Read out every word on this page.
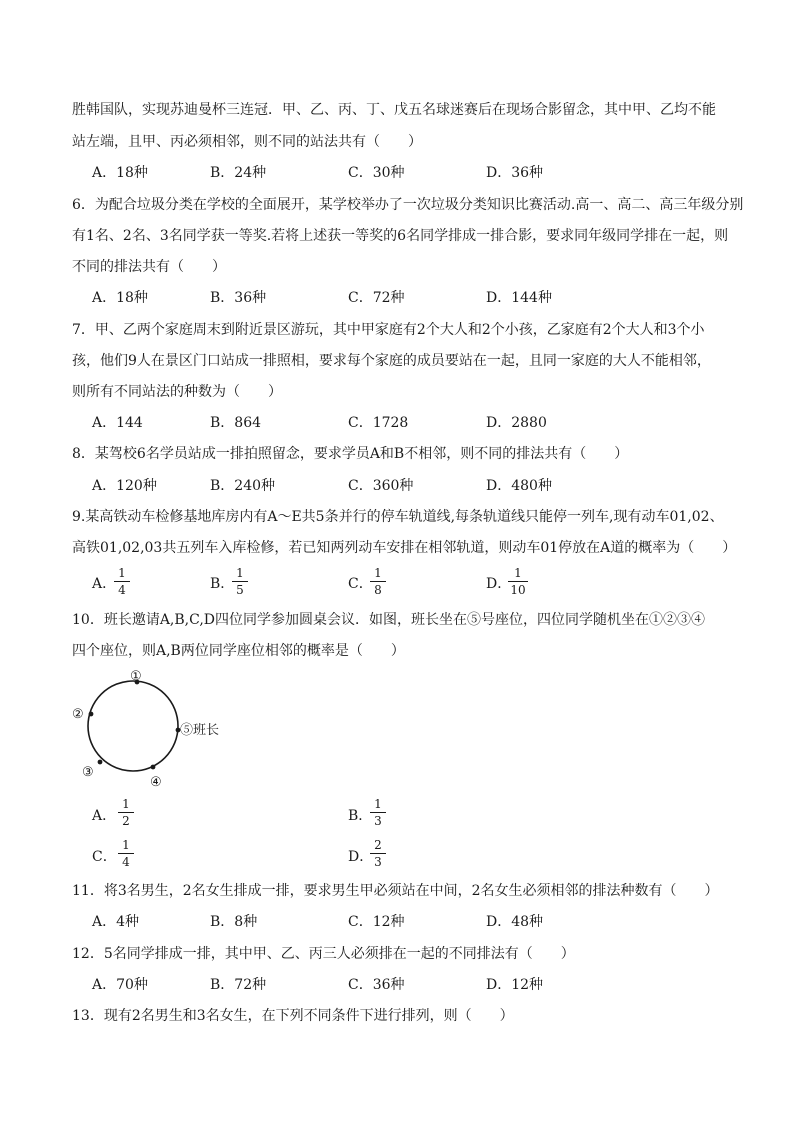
胜韩国队，实现苏迪曼杯三连冠．甲、乙、丙、丁、戊五名球迷赛后在现场合影留念，其中甲、乙均不能
站左端，且甲、丙必须相邻，则不同的站法共有（　　）
A．18种	B．24种	C．30种	D．36种
6．为配合垃圾分类在学校的全面展开，某学校举办了一次垃圾分类知识比赛活动.高一、高二、高三年级分别
有1名、2名、3名同学获一等奖.若将上述获一等奖的6名同学排成一排合影，要求同年级同学排在一起，则
不同的排法共有（　　）
A．18种	B．36种	C．72种	D．144种
7．甲、乙两个家庭周末到附近景区游玩，其中甲家庭有2个大人和2个小孩，乙家庭有2个大人和3个小
孩，他们9人在景区门口站成一排照相，要求每个家庭的成员要站在一起，且同一家庭的大人不能相邻，
则所有不同站法的种数为（　　）
A．144	B．864	C．1728	D．2880
8．某驾校6名学员站成一排拍照留念，要求学员A和B不相邻，则不同的排法共有（　　）
A．120种	B．240种	C．360种	D．480种
9.某高铁动车检修基地库房内有A～E共5条并行的停车轨道线,每条轨道线只能停一列车,现有动车01,02、
高铁01,02,03共五列车入库检修，若已知两列动车安排在相邻轨道，则动车01停放在A道的概率为（　　）
A．
1
4	B．
1
5	C．
1
8	D．
1
10
10．班长邀请A,B,C,D四位同学参加圆桌会议．如图，班长坐在⑤号座位，四位同学随机坐在①②③④
四个座位，则A,B两位同学座位相邻的概率是（　　）
①
②
③
④
⑤班长
A．
1
2	B．
1
3
C．
1
4	D．
2
3
11．将3名男生，2名女生排成一排，要求男生甲必须站在中间，2名女生必须相邻的排法种数有（　　）
A．4种	B．8种	C．12种	D．48种
12．5名同学排成一排，其中甲、乙、丙三人必须排在一起的不同排法有（　　）
A．70种	B．72种	C．36种	D．12种
13．现有2名男生和3名女生，在下列不同条件下进行排列，则（　　）
